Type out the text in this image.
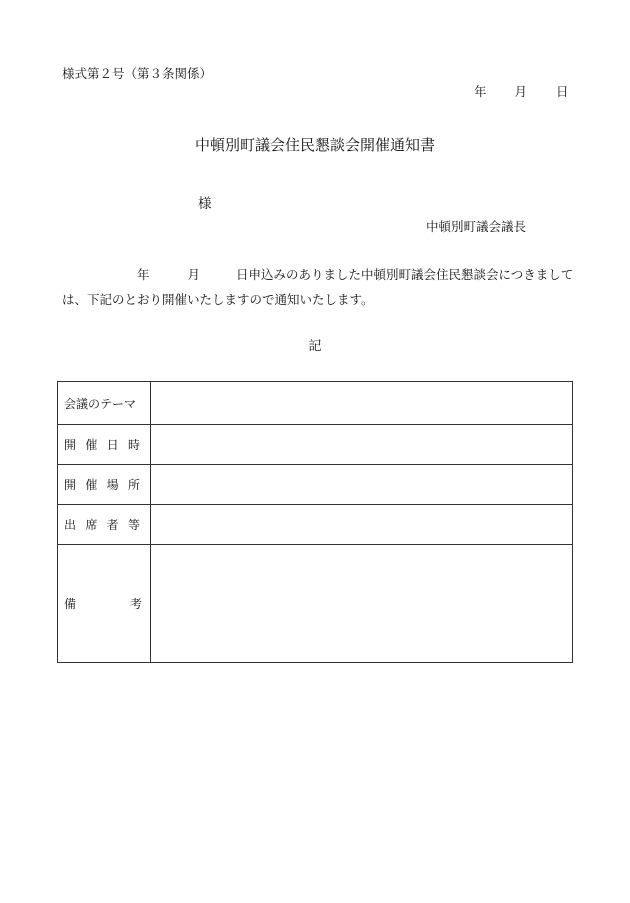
様式第２号（第３条関係）
年 月 日
中頓別町議会住民懇談会開催通知書
様
中頓別町議会議長
年	月	日申込みのありました中頓別町議会住民懇談会につきまして
は、下記のとおり開催いたしますので通知いたします。
記
会議のテーマ	

開 催 日 時	

開 催 場 所	

出 席 者 等	

備 考	
